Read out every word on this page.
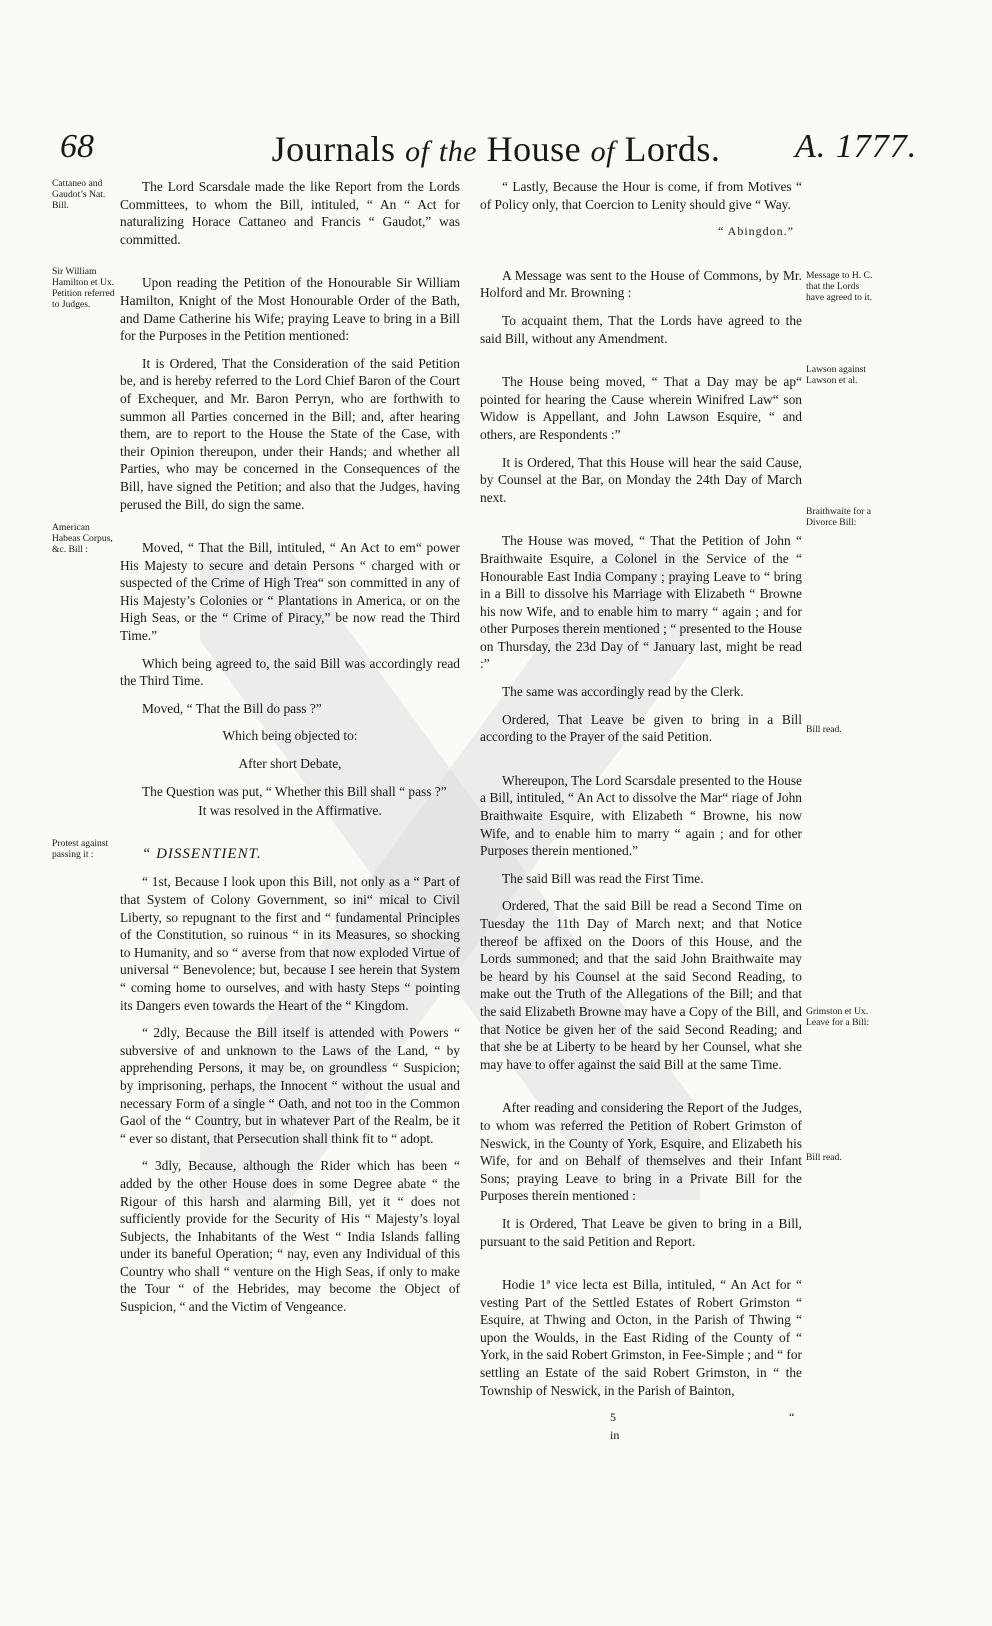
68	Journals of the House of Lords.	A. 1777.
Cattaneo and Gaudot’s Nat. Bill.
Sir William Hamilton et Ux. Petition referred to Judges.
American Habeas Corpus, &c. Bill :
Protest against passing it :
Message to H. C. that the Lords have agreed to it.
Lawson against Lawson et al.
Braithwaite for a Divorce Bill:
Bill read.
Grimston et Ux. Leave for a Bill:
Bill read.

The Lord Scarsdale made the like Report from the Lords Committees, to whom the Bill, intituled, “ An “ Act for naturalizing Horace Cattaneo and Francis “ Gaudot,” was committed.

Upon reading the Petition of the Honourable Sir William Hamilton, Knight of the Most Honourable Order of the Bath, and Dame Catherine his Wife; praying Leave to bring in a Bill for the Purposes in the Petition mentioned:

It is Ordered, That the Consideration of the said Petition be, and is hereby referred to the Lord Chief Baron of the Court of Exchequer, and Mr. Baron Perryn, who are forthwith to summon all Parties concerned in the Bill; and, after hearing them, are to report to the House the State of the Case, with their Opinion thereupon, under their Hands; and whether all Parties, who may be concerned in the Consequences of the Bill, have signed the Petition; and also that the Judges, having perused the Bill, do sign the same.

Moved, “ That the Bill, intituled, “ An Act to em“ power His Majesty to secure and detain Persons “ charged with or suspected of the Crime of High Trea“ son committed in any of His Majesty’s Colonies or “ Plantations in America, or on the High Seas, or the “ Crime of Piracy,” be now read the Third Time.”

Which being agreed to, the said Bill was accordingly read the Third Time.

Moved, “ That the Bill do pass ?”

Which being objected to:

After short Debate,

The Question was put, “ Whether this Bill shall “ pass ?”

It was resolved in the Affirmative.

“ DISSENTIENT.

“ 1st, Because I look upon this Bill, not only as a “ Part of that System of Colony Government, so ini“ mical to Civil Liberty, so repugnant to the first and “ fundamental Principles of the Constitution, so ruinous “ in its Measures, so shocking to Humanity, and so “ averse from that now exploded Virtue of universal “ Benevolence; but, because I see herein that System “ coming home to ourselves, and with hasty Steps “ pointing its Dangers even towards the Heart of the “ Kingdom.

“ 2dly, Because the Bill itself is attended with Powers “ subversive of and unknown to the Laws of the Land, “ by apprehending Persons, it may be, on groundless “ Suspicion; by imprisoning, perhaps, the Innocent “ without the usual and necessary Form of a single “ Oath, and not too in the Common Gaol of the “ Country, but in whatever Part of the Realm, be it “ ever so distant, that Persecution shall think fit to “ adopt.

“ 3dly, Because, although the Rider which has been “ added by the other House does in some Degree abate “ the Rigour of this harsh and alarming Bill, yet it “ does not sufficiently provide for the Security of His “ Majesty’s loyal Subjects, the Inhabitants of the West “ India Islands falling under its baneful Operation; “ nay, even any Individual of this Country who shall “ venture on the High Seas, if only to make the Tour “ of the Hebrides, may become the Object of Suspicion, “ and the Victim of Vengeance.

“ Lastly, Because the Hour is come, if from Motives “ of Policy only, that Coercion to Lenity should give “ Way.

“ Abingdon.”

A Message was sent to the House of Commons, by Mr. Holford and Mr. Browning :

To acquaint them, That the Lords have agreed to the said Bill, without any Amendment.

The House being moved, “ That a Day may be ap“ pointed for hearing the Cause wherein Winifred Law“ son Widow is Appellant, and John Lawson Esquire, “ and others, are Respondents :”

It is Ordered, That this House will hear the said Cause, by Counsel at the Bar, on Monday the 24th Day of March next.

The House was moved, “ That the Petition of John “ Braithwaite Esquire, a Colonel in the Service of the “ Honourable East India Company ; praying Leave to “ bring in a Bill to dissolve his Marriage with Elizabeth “ Browne his now Wife, and to enable him to marry “ again ; and for other Purposes therein mentioned ; “ presented to the House on Thursday, the 23d Day of “ January last, might be read :”

The same was accordingly read by the Clerk.

Ordered, That Leave be given to bring in a Bill according to the Prayer of the said Petition.

Whereupon, The Lord Scarsdale presented to the House a Bill, intituled, “ An Act to dissolve the Mar“ riage of John Braithwaite Esquire, with Elizabeth “ Browne, his now Wife, and to enable him to marry “ again ; and for other Purposes therein mentioned.”

The said Bill was read the First Time.

Ordered, That the said Bill be read a Second Time on Tuesday the 11th Day of March next; and that Notice thereof be affixed on the Doors of this House, and the Lords summoned; and that the said John Braithwaite may be heard by his Counsel at the said Second Reading, to make out the Truth of the Allegations of the Bill; and that the said Elizabeth Browne may have a Copy of the Bill, and that Notice be given her of the said Second Reading; and that she be at Liberty to be heard by her Counsel, what she may have to offer against the said Bill at the same Time.

After reading and considering the Report of the Judges, to whom was referred the Petition of Robert Grimston of Neswick, in the County of York, Esquire, and Elizabeth his Wife, for and on Behalf of themselves and their Infant Sons; praying Leave to bring in a Private Bill for the Purposes therein mentioned :

It is Ordered, That Leave be given to bring in a Bill, pursuant to the said Petition and Report.

Hodie 1ª vice lecta est Billa, intituled, “ An Act for “ vesting Part of the Settled Estates of Robert Grimston “ Esquire, at Thwing and Octon, in the Parish of Thwing “ upon the Woulds, in the East Riding of the County of “ York, in the said Robert Grimston, in Fee-Simple ; and “ for settling an Estate of the said Robert Grimston, in “ the Township of Neswick, in the Parish of Bainton,

5	“ in
